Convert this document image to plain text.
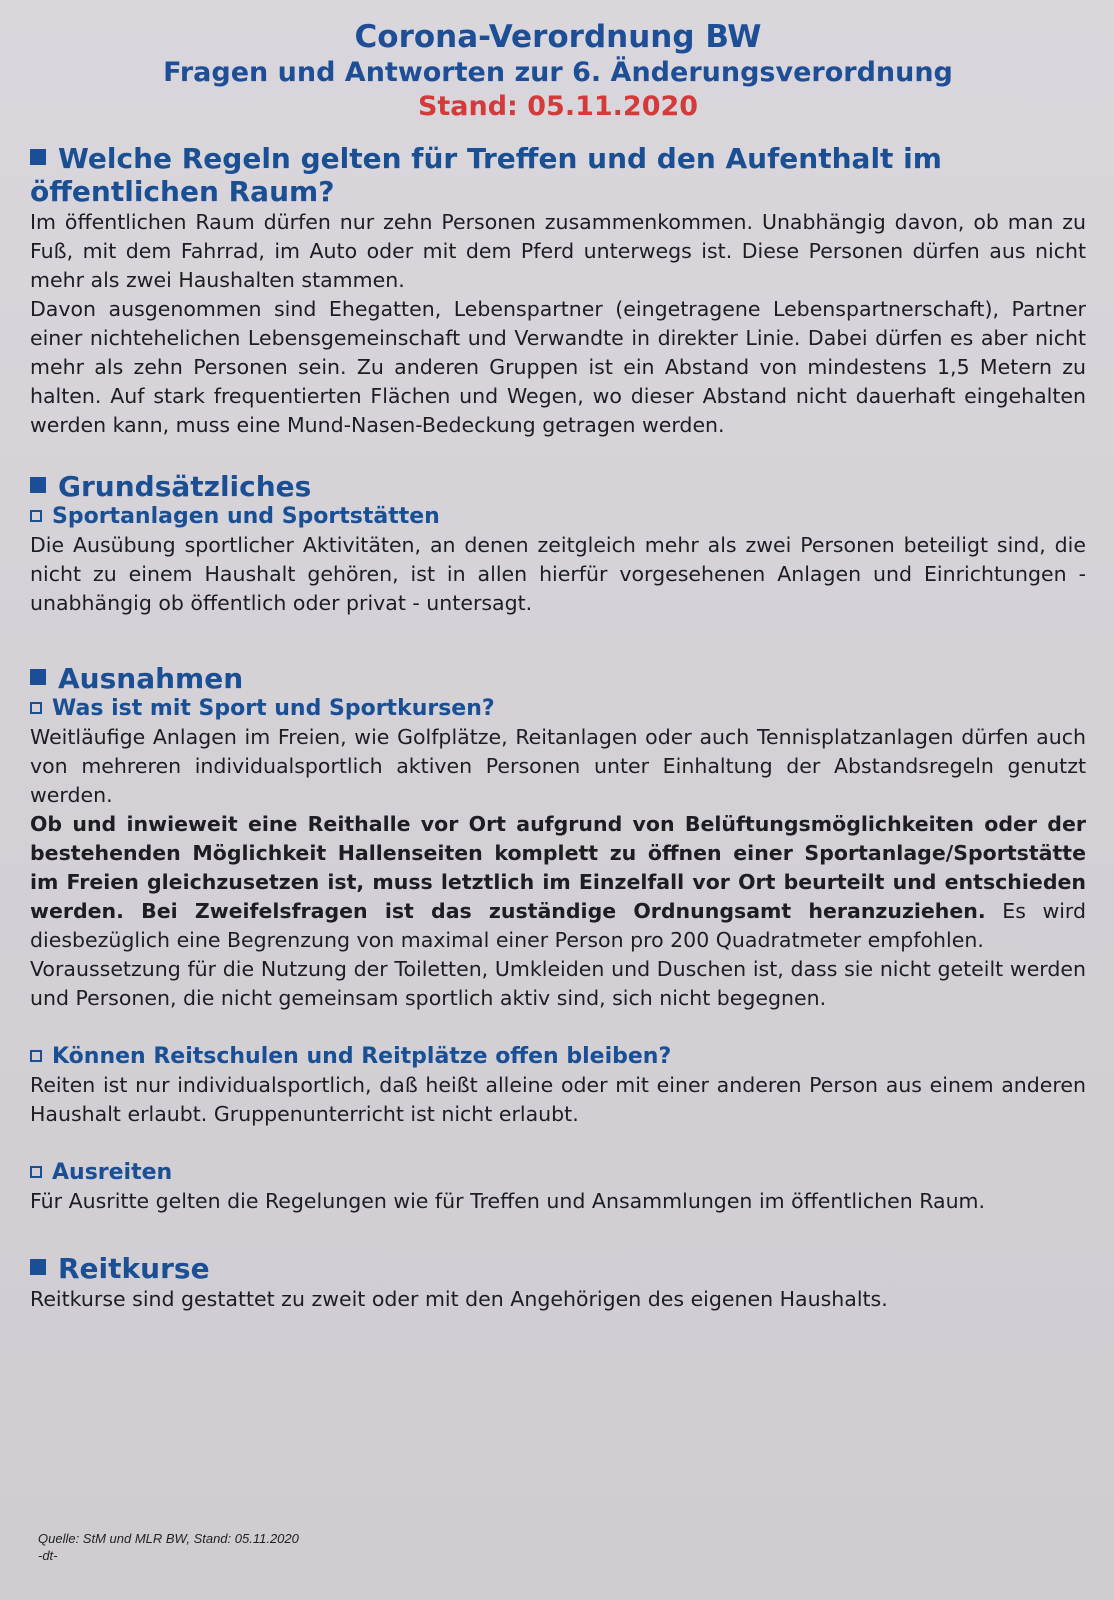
Corona-Verordnung BW
Fragen und Antworten zur 6. Änderungsverordnung
Stand: 05.11.2020
Welche Regeln gelten für Treffen und den Aufenthalt im öffentlichen Raum?

Im öffentlichen Raum dürfen nur zehn Personen zusammenkommen. Unabhängig davon, ob man zu Fuß, mit dem Fahrrad, im Auto oder mit dem Pferd unterwegs ist. Diese Personen dürfen aus nicht mehr als zwei Haushalten stammen.

Davon ausgenommen sind Ehegatten, Lebenspartner (eingetragene Lebenspartnerschaft), Partner einer nichtehelichen Lebensgemeinschaft und Verwandte in direkter Linie. Dabei dürfen es aber nicht mehr als zehn Personen sein. Zu anderen Gruppen ist ein Abstand von mindestens 1,5 Metern zu halten. Auf stark frequentierten Flächen und Wegen, wo dieser Abstand nicht dauerhaft eingehalten werden kann, muss eine Mund-Nasen-Bedeckung getragen werden.

Grundsätzliches
Sportanlagen und Sportstätten

Die Ausübung sportlicher Aktivitäten, an denen zeitgleich mehr als zwei Personen beteiligt sind, die nicht zu einem Haushalt gehören, ist in allen hierfür vorgesehenen Anlagen und Einrichtungen - unabhängig ob öffentlich oder privat - untersagt.

Ausnahmen
Was ist mit Sport und Sportkursen?

Weitläufige Anlagen im Freien, wie Golfplätze, Reitanlagen oder auch Tennisplatzanlagen dürfen auch von mehreren individualsportlich aktiven Personen unter Einhaltung der Abstandsregeln genutzt werden.

Ob und inwieweit eine Reithalle vor Ort aufgrund von Belüftungsmöglichkeiten oder der bestehenden Möglichkeit Hallenseiten komplett zu öffnen einer Sportanlage/Sportstätte im Freien gleichzusetzen ist, muss letztlich im Einzelfall vor Ort beurteilt und entschieden werden. Bei Zweifelsfragen ist das zuständige Ordnungsamt heranzuziehen. Es wird diesbezüglich eine Begrenzung von maximal einer Person pro 200 Quadratmeter empfohlen.

Voraussetzung für die Nutzung der Toiletten, Umkleiden und Duschen ist, dass sie nicht geteilt werden und Personen, die nicht gemeinsam sportlich aktiv sind, sich nicht begegnen.

Können Reitschulen und Reitplätze offen bleiben?

Reiten ist nur individualsportlich, daß heißt alleine oder mit einer anderen Person aus einem anderen Haushalt erlaubt. Gruppenunterricht ist nicht erlaubt.

Ausreiten

Für Ausritte gelten die Regelungen wie für Treffen und Ansammlungen im öffentlichen Raum.

Reitkurse

Reitkurse sind gestattet zu zweit oder mit den Angehörigen des eigenen Haushalts.

Quelle: StM und MLR BW, Stand: 05.11.2020
-dt-
